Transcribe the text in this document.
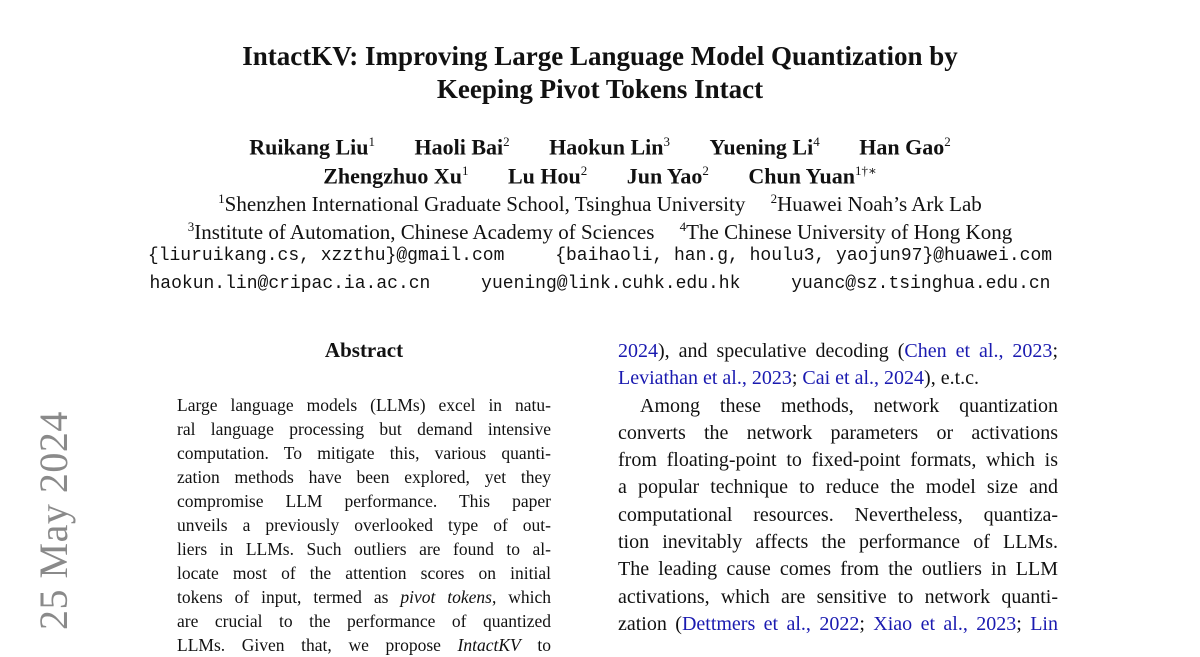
25 May 2024
IntactKV: Improving Large Language Model Quantization by
Keeping Pivot Tokens Intact
Ruikang Liu$^1$ Haoli Bai$^2$ Haokun Lin$^3$ Yuening Li$^4$ Han Gao$^2$
Zhengzhuo Xu$^1$ Lu Hou$^2$ Jun Yao$^2$ Chun Yuan$^{1\dagger∗}$
$^1$Shenzhen International Graduate School, Tsinghua University $^2$Huawei Noah’s Ark Lab
$^3$Institute of Automation, Chinese Academy of Sciences $^4$The Chinese University of Hong Kong
{liuruikang.cs, xzzthu}@gmail.com	{baihaoli, han.g, houlu3, yaojun97}@huawei.com
haokun.lin@cripac.ia.ac.cn	yuening@link.cuhk.edu.hk	yuanc@sz.tsinghua.edu.cn
Abstract
Large language models (LLMs) excel in natu-
ral language processing but demand intensive
computation. To mitigate this, various quanti-
zation methods have been explored, yet they
compromise LLM performance. This paper
unveils a previously overlooked type of out-
liers in LLMs. Such outliers are found to al-
locate most of the attention scores on initial
tokens of input, termed as pivot tokens, which
are crucial to the performance of quantized
LLMs. Given that, we propose IntactKV to
2024), and speculative decoding (Chen et al., 2023;
Leviathan et al., 2023; Cai et al., 2024), e.t.c.
Among these methods, network quantization
converts the network parameters or activations
from floating-point to fixed-point formats, which is
a popular technique to reduce the model size and
computational resources. Nevertheless, quantiza-
tion inevitably affects the performance of LLMs.
The leading cause comes from the outliers in LLM
activations, which are sensitive to network quanti-
zation (Dettmers et al., 2022; Xiao et al., 2023; Lin
